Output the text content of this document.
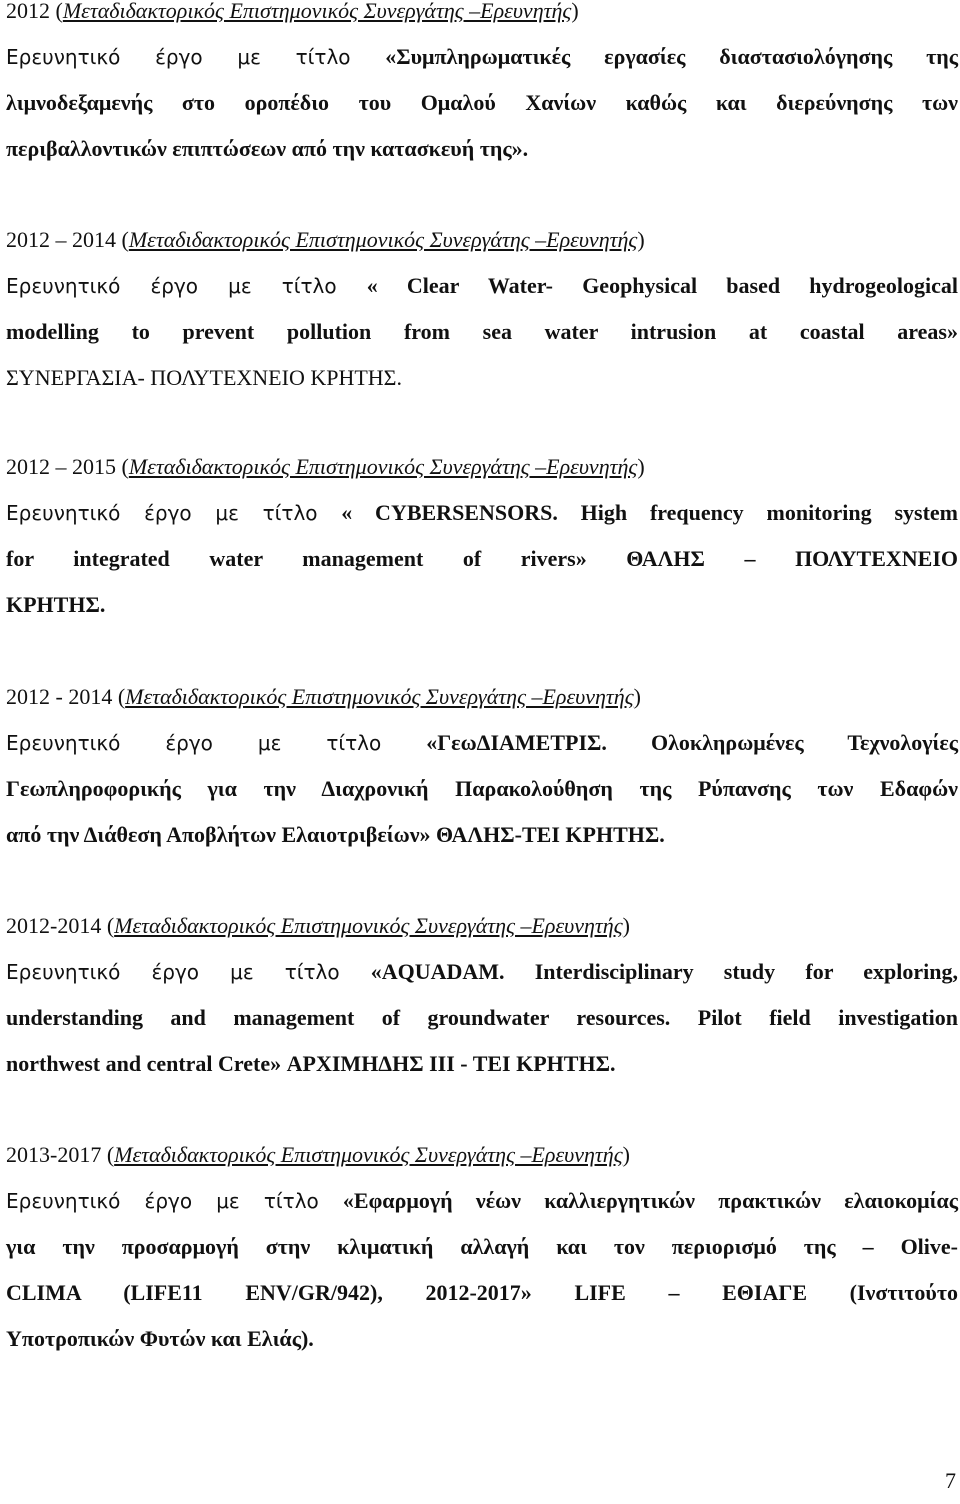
2012 (Μεταδιδακτορικός Επιστημονικός Συνεργάτης –Ερευνητής)
Ερευνητικό έργο με τίτλο «Συμπληρωματικές εργασίες διαστασιολόγησης της
λιμνοδεξαμενής στο οροπέδιο του Ομαλού Χανίων καθώς και διερεύνησης των
περιβαλλοντικών επιπτώσεων από την κατασκευή της».
2012 – 2014 (Μεταδιδακτορικός Επιστημονικός Συνεργάτης –Ερευνητής)
Ερευνητικό έργο με τίτλο « Clear Water- Geophysical based hydrogeological
modelling to prevent pollution from sea water intrusion at coastal areas»
ΣΥΝΕΡΓΑΣΙΑ- ΠΟΛΥΤΕΧΝΕΙΟ ΚΡΗΤΗΣ.
2012 – 2015 (Μεταδιδακτορικός Επιστημονικός Συνεργάτης –Ερευνητής)
Ερευνητικό έργο με τίτλο « CYBERSENSORS. High frequency monitoring system
for integrated water management of rivers» ΘΑΛΗΣ – ΠΟΛΥΤΕΧΝΕΙΟ
ΚΡΗΤΗΣ.
2012 - 2014 (Μεταδιδακτορικός Επιστημονικός Συνεργάτης –Ερευνητής)
Ερευνητικό έργο με τίτλο «ΓεωΔΙΑΜΕΤΡΙΣ. Ολοκληρωμένες Τεχνολογίες
Γεωπληροφορικής για την Διαχρονική Παρακολούθηση της Ρύπανσης των Εδαφών
από την Διάθεση Αποβλήτων Ελαιοτριβείων» ΘΑΛΗΣ-ΤΕΙ ΚΡΗΤΗΣ.
2012-2014 (Μεταδιδακτορικός Επιστημονικός Συνεργάτης –Ερευνητής)
Ερευνητικό έργο με τίτλο «AQUADAM. Interdisciplinary study for exploring,
understanding and management of groundwater resources. Pilot field investigation
northwest and central Crete» ΑΡΧΙΜΗΔΗΣ ΙΙΙ - ΤΕΙ ΚΡΗΤΗΣ.
2013-2017 (Μεταδιδακτορικός Επιστημονικός Συνεργάτης –Ερευνητής)
Ερευνητικό έργο με τίτλο «Εφαρμογή νέων καλλιεργητικών πρακτικών ελαιοκομίας
για την προσαρμογή στην κλιματική αλλαγή και τον περιορισμό της – Olive-
CLIMA (LIFE11 ENV/GR/942), 2012-2017» LIFE – ΕΘΙΑΓΕ (Ινστιτούτο
Υποτροπικών Φυτών και Ελιάς).
7
